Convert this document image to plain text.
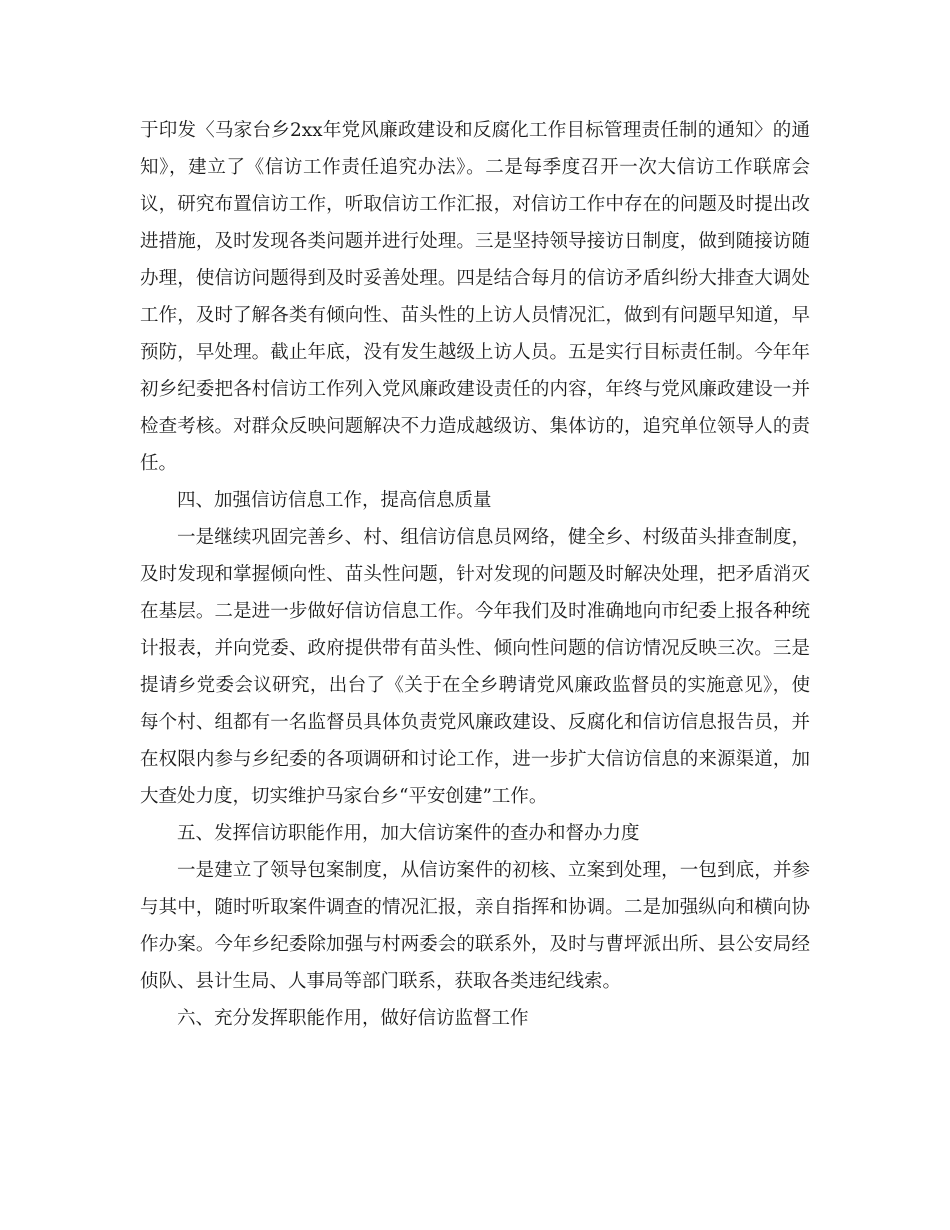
于印发〈马家台乡2xx年党风廉政建设和反腐化工作目标管理责任制的通知〉的通
知》，建立了《信访工作责任追究办法》。二是每季度召开一次大信访工作联席会
议，研究布置信访工作，听取信访工作汇报，对信访工作中存在的问题及时提出改
进措施，及时发现各类问题并进行处理。三是坚持领导接访日制度，做到随接访随
办理，使信访问题得到及时妥善处理。四是结合每月的信访矛盾纠纷大排查大调处
工作，及时了解各类有倾向性、苗头性的上访人员情况汇，做到有问题早知道，早
预防，早处理。截止年底，没有发生越级上访人员。五是实行目标责任制。今年年
初乡纪委把各村信访工作列入党风廉政建设责任的内容，年终与党风廉政建设一并
检查考核。对群众反映问题解决不力造成越级访、集体访的，追究单位领导人的责
任。
四、加强信访信息工作，提高信息质量
一是继续巩固完善乡、村、组信访信息员网络，健全乡、村级苗头排查制度，
及时发现和掌握倾向性、苗头性问题，针对发现的问题及时解决处理，把矛盾消灭
在基层。二是进一步做好信访信息工作。今年我们及时准确地向市纪委上报各种统
计报表，并向党委、政府提供带有苗头性、倾向性问题的信访情况反映三次。三是
提请乡党委会议研究，出台了《关于在全乡聘请党风廉政监督员的实施意见》，使
每个村、组都有一名监督员具体负责党风廉政建设、反腐化和信访信息报告员，并
在权限内参与乡纪委的各项调研和讨论工作，进一步扩大信访信息的来源渠道，加
大查处力度，切实维护马家台乡“平安创建”工作。
五、发挥信访职能作用，加大信访案件的查办和督办力度
一是建立了领导包案制度，从信访案件的初核、立案到处理，一包到底，并参
与其中，随时听取案件调查的情况汇报，亲自指挥和协调。二是加强纵向和横向协
作办案。今年乡纪委除加强与村两委会的联系外，及时与曹坪派出所、县公安局经
侦队、县计生局、人事局等部门联系，获取各类违纪线索。
六、充分发挥职能作用，做好信访监督工作
